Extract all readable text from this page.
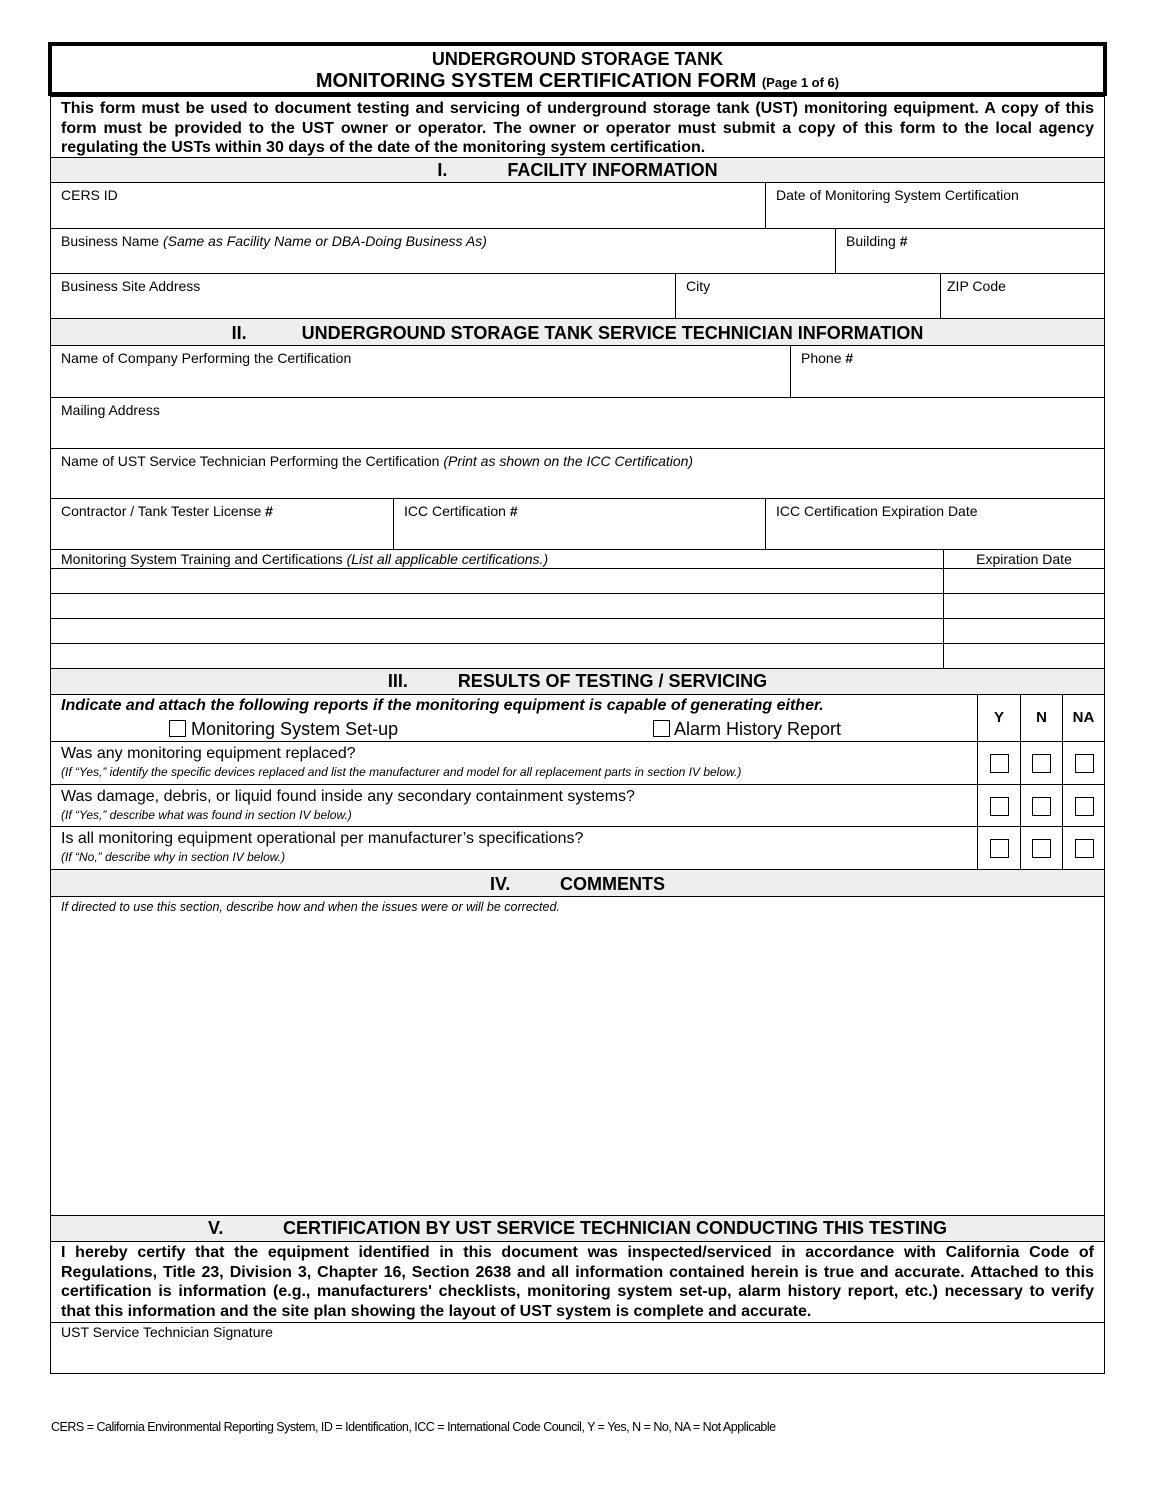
UNDERGROUND STORAGE TANK
MONITORING SYSTEM CERTIFICATION FORM (Page 1 of 6)
This form must be used to document testing and servicing of underground storage tank (UST) monitoring equipment. A copy of this form must be provided to the UST owner or operator. The owner or operator must submit a copy of this form to the local agency regulating the USTs within 30 days of the date of the monitoring system certification.
I.	FACILITY INFORMATION
CERS ID	Date of Monitoring System Certification
Business Name (Same as Facility Name or DBA-Doing Business As)	Building #
Business Site Address	City	ZIP Code
II.	UNDERGROUND STORAGE TANK SERVICE TECHNICIAN INFORMATION
Name of Company Performing the Certification	Phone #
Mailing Address
Name of UST Service Technician Performing the Certification (Print as shown on the ICC Certification)
Contractor / Tank Tester License #	ICC Certification #	ICC Certification Expiration Date
Monitoring System Training and Certifications (List all applicable certifications.)	Expiration Date
III.	RESULTS OF TESTING / SERVICING
Indicate and attach the following reports if the monitoring equipment is capable of generating either.
Monitoring System Set-up	Alarm History Report
Y	N	NA
Was any monitoring equipment replaced?
(If “Yes,” identify the specific devices replaced and list the manufacturer and model for all replacement parts in section IV below.)
Was damage, debris, or liquid found inside any secondary containment systems?
(If “Yes,” describe what was found in section IV below.)
Is all monitoring equipment operational per manufacturer’s specifications?
(If “No,” describe why in section IV below.)
IV.	COMMENTS
If directed to use this section, describe how and when the issues were or will be corrected.
V.	CERTIFICATION BY UST SERVICE TECHNICIAN CONDUCTING THIS TESTING
I hereby certify that the equipment identified in this document was inspected/serviced in accordance with California Code of Regulations, Title 23, Division 3, Chapter 16, Section 2638 and all information contained herein is true and accurate. Attached to this certification is information (e.g., manufacturers' checklists, monitoring system set-up, alarm history report, etc.) necessary to verify that this information and the site plan showing the layout of UST system is complete and accurate.
UST Service Technician Signature
CERS = California Environmental Reporting System, ID = Identification, ICC = International Code Council, Y = Yes, N = No, NA = Not Applicable
